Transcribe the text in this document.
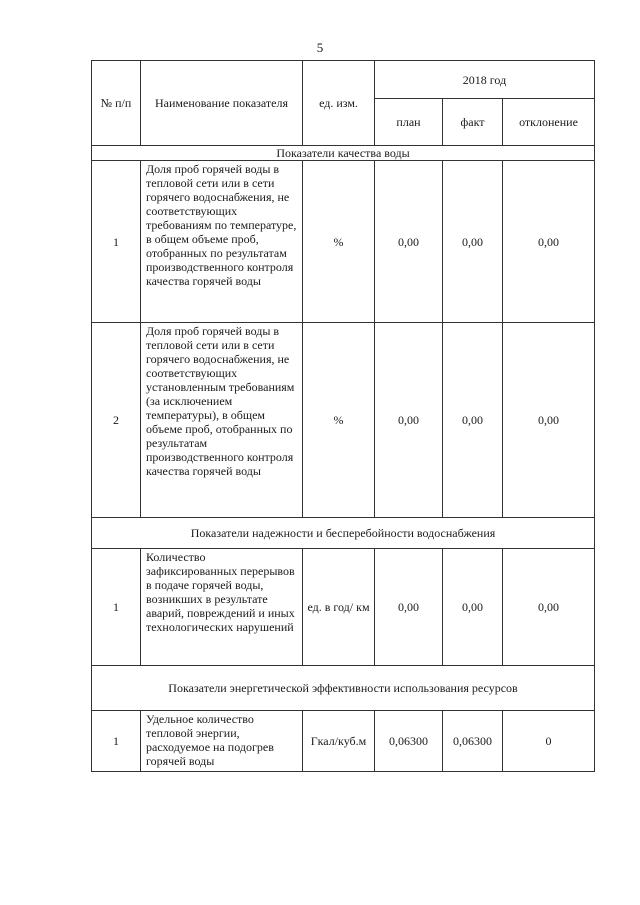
5
№ п/п	Наименование показателя	ед. изм.	2018 год		
			план	факт	отклонение
Показатели качества воды					
1	Доля проб горячей воды в тепловой сети или в сети горячего водоснабжения, не соответствующих требованиям по температуре, в общем объеме проб, отобранных по результатам производственного контроля качества горячей воды	%	0,00	0,00	0,00
2	Доля проб горячей воды в тепловой сети или в сети горячего водоснабжения, не соответствующих установленным требованиям (за исключением температуры), в общем объеме проб, отобранных по результатам производственного контроля качества горячей воды	%	0,00	0,00	0,00
Показатели надежности и бесперебойности водоснабжения					
1	Количество зафиксированных перерывов в подаче горячей воды, возникших в результате аварий, повреждений и иных технологических нарушений	ед. в год/ км	0,00	0,00	0,00
Показатели энергетической эффективности использования ресурсов					
1	Удельное количество тепловой энергии, расходуемое на подогрев горячей воды	Гкал/куб.м	0,06300	0,06300	0
